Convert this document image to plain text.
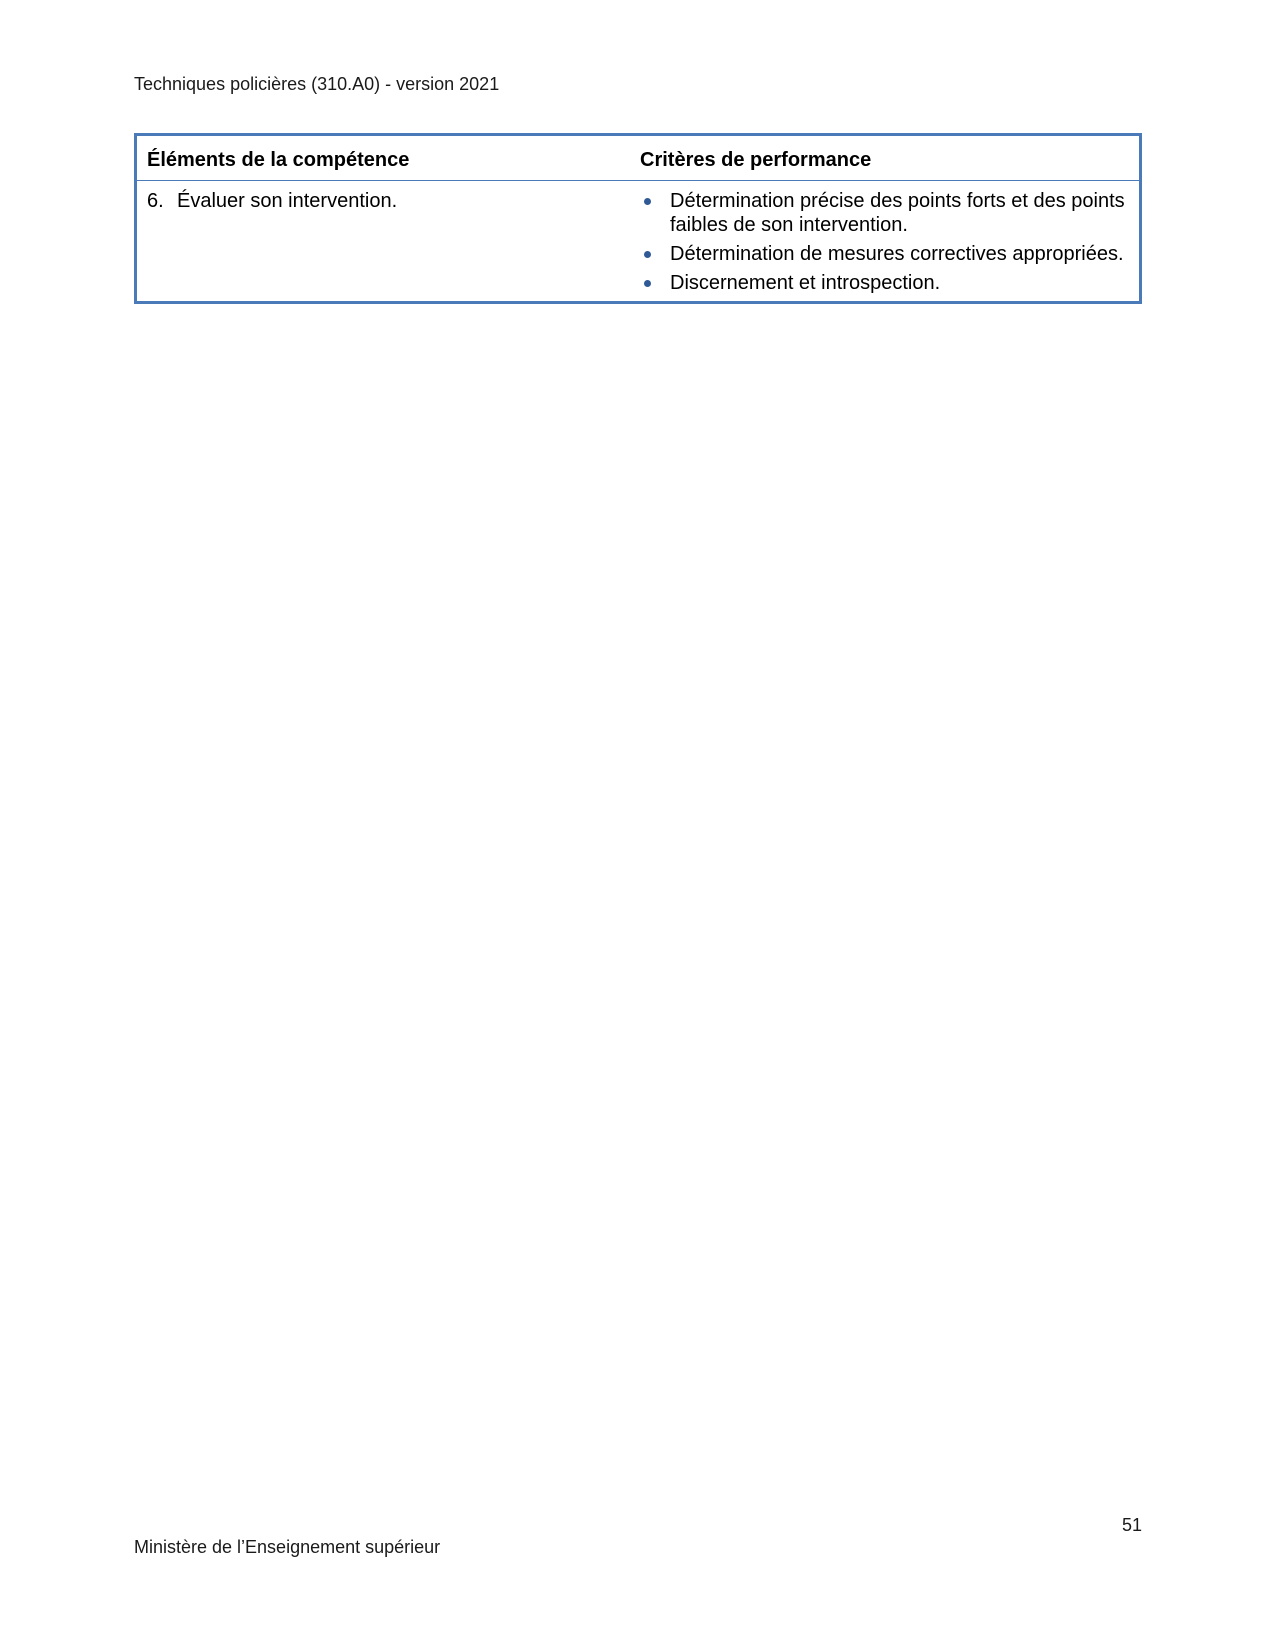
Techniques policières (310.A0) - version 2021
Éléments de la compétence	Critères de performance
6. Évaluer son intervention.	Détermination précise des points forts et des points faibles de son intervention.
Détermination de mesures correctives appropriées.
Discernement et introspection.
51
Ministère de l’Enseignement supérieur
